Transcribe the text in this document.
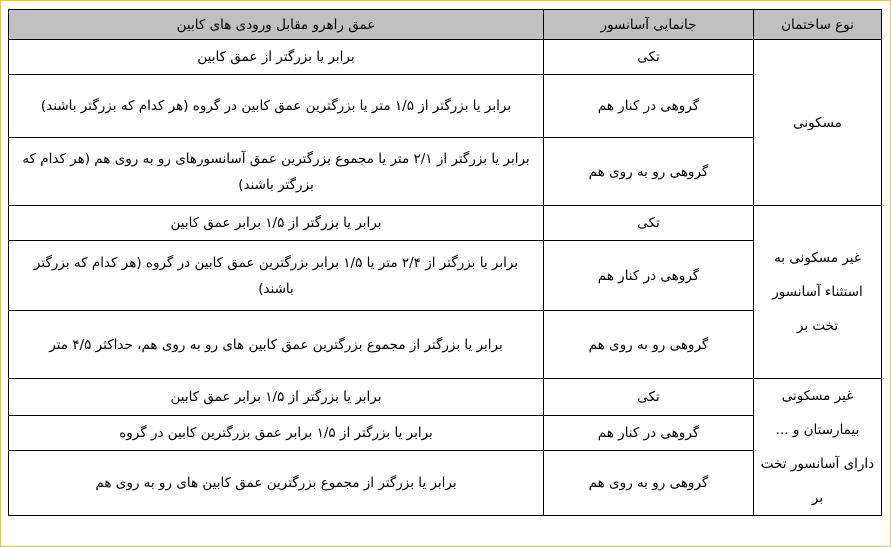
نوع ساختمان	جانمایی آسانسور	عمق راهرو مقابل ورودی های کابین
مسکونی	تکی	برابر یا بزرگتر از عمق کابین
	گروهی در کنار هم	برابر یا بزرگتر از ۱/۵ متر یا بزرگترین عمق کابین در گروه (هر کدام که بزرگتر باشند)
	گروهی رو به روی هم	برابر یا بزرگتر از ۲/۱ متر یا مجموع بزرگترین عمق آسانسورهای رو به روی هم (هر کدام که بزرگتر باشند)
غیر مسکونی به استثناء آسانسور تخت بر	تکی	برابر یا بزرگتر از ۱/۵ برابر عمق کابین
	گروهی در کنار هم	برابر یا بزرگتر از ۲/۴ متر یا ۱/۵ برابر بزرگترین عمق کابین در گروه (هر کدام که بزرگتر باشند)
	گروهی رو به روی هم	برابر یا بزرگتر از مجموع بزرگترین عمق کابین های رو به روی هم، حداکثر ۴/۵ متر
غیر مسکونی بیمارستان و ... دارای آسانسور تخت بر	تکی	برابر یا بزرگتر از ۱/۵ برابر عمق کابین
	گروهی در کنار هم	برابر یا بزرگتر از ۱/۵ برابر عمق بزرگترین کابین در گروه
	گروهی رو به روی هم	برابر یا بزرگتر از مجموع بزرگترین عمق کابین های رو به روی هم
